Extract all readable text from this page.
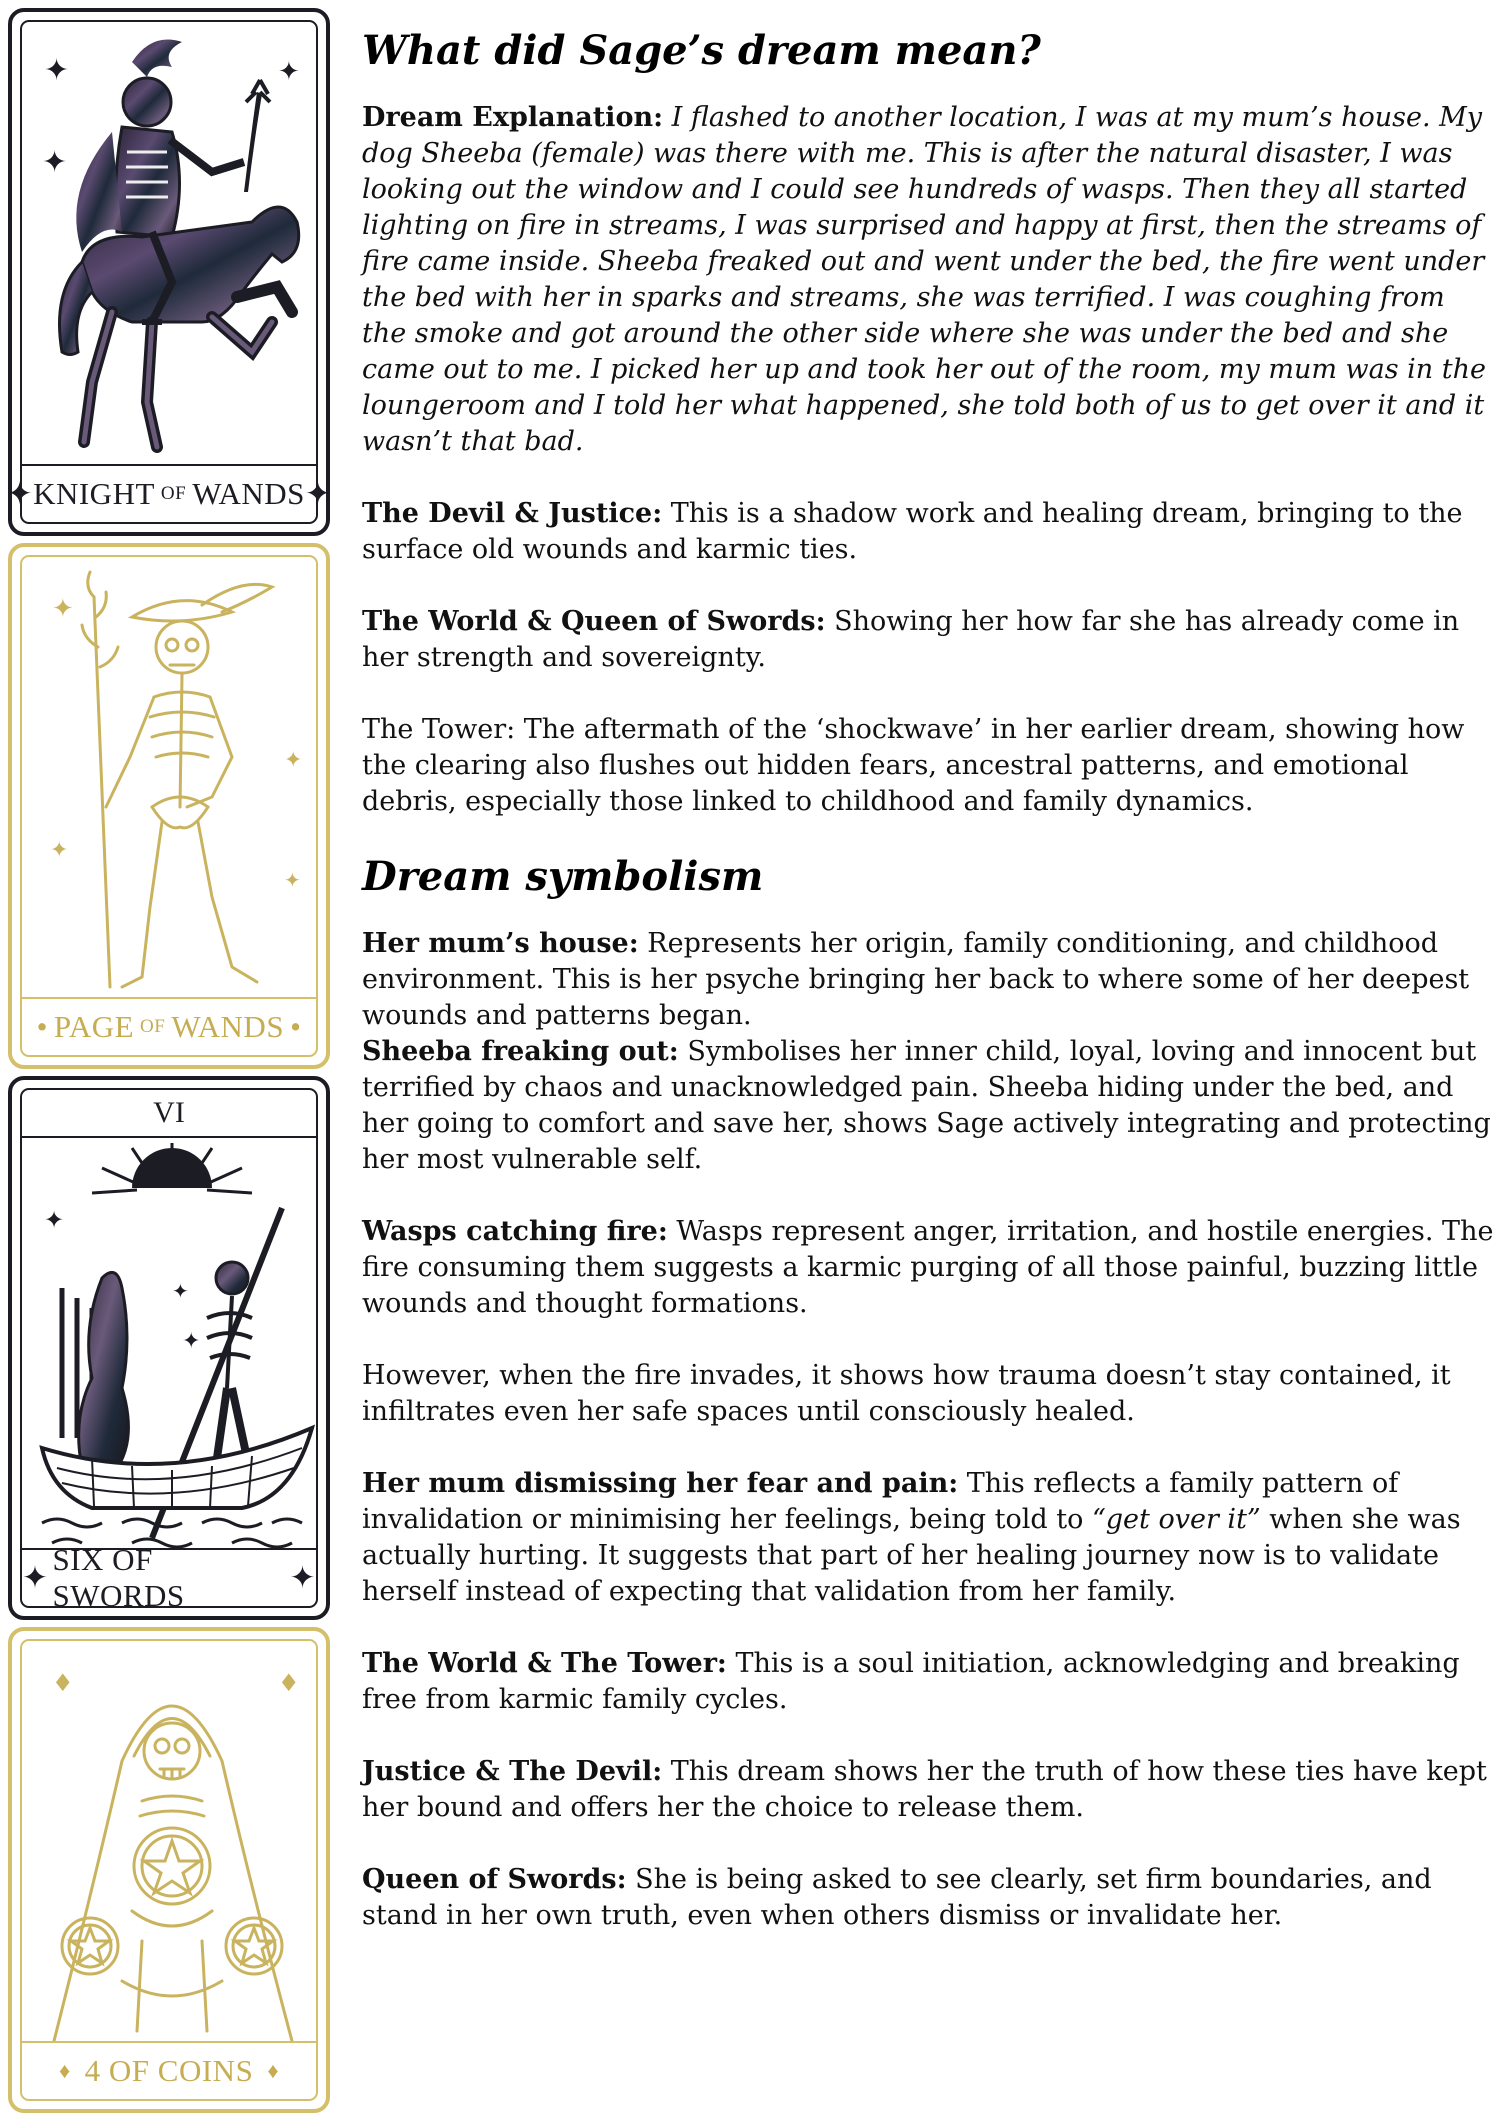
✦	✦
✦
✦ KNIGHT OF WANDS ✦
✦
✦
✦
✦
• PAGE OF WANDS •
VI
✦
✦
✦
✦
SIX OF SWORDS
✦
♦	♦
♦ 4 OF COINS ♦
What did Sage’s dream mean?

Dream Explanation: I flashed to another location, I was at my mum’s house. My dog Sheeba (female) was there with me. This is after the natural disaster, I was looking out the window and I could see hundreds of wasps. Then they all started lighting on fire in streams, I was surprised and happy at first, then the streams of fire came inside. Sheeba freaked out and went under the bed, the fire went under the bed with her in sparks and streams, she was terrified. I was coughing from the smoke and got around the other side where she was under the bed and she came out to me. I picked her up and took her out of the room, my mum was in the loungeroom and I told her what happened, she told both of us to get over it and it wasn’t that bad.

The Devil & Justice: This is a shadow work and healing dream, bringing to the surface old wounds and karmic ties.

The World & Queen of Swords: Showing her how far she has already come in her strength and sovereignty.

The Tower: The aftermath of the ‘shockwave’ in her earlier dream, showing how the clearing also flushes out hidden fears, ancestral patterns, and emotional debris, especially those linked to childhood and family dynamics.

Dream symbolism

Her mum’s house: Represents her origin, family conditioning, and childhood environment. This is her psyche bringing her back to where some of her deepest wounds and patterns began.

Sheeba freaking out: Symbolises her inner child, loyal, loving and innocent but terrified by chaos and unacknowledged pain. Sheeba hiding under the bed, and her going to comfort and save her, shows Sage actively integrating and protecting her most vulnerable self.

Wasps catching fire: Wasps represent anger, irritation, and hostile energies. The fire consuming them suggests a karmic purging of all those painful, buzzing little wounds and thought formations.

However, when the fire invades, it shows how trauma doesn’t stay contained, it infiltrates even her safe spaces until consciously healed.

Her mum dismissing her fear and pain: This reflects a family pattern of invalidation or minimising her feelings, being told to “get over it” when she was actually hurting. It suggests that part of her healing journey now is to validate herself instead of expecting that validation from her family.

The World & The Tower: This is a soul initiation, acknowledging and breaking free from karmic family cycles.

Justice & The Devil: This dream shows her the truth of how these ties have kept her bound and offers her the choice to release them.

Queen of Swords: She is being asked to see clearly, set firm boundaries, and stand in her own truth, even when others dismiss or invalidate her.
